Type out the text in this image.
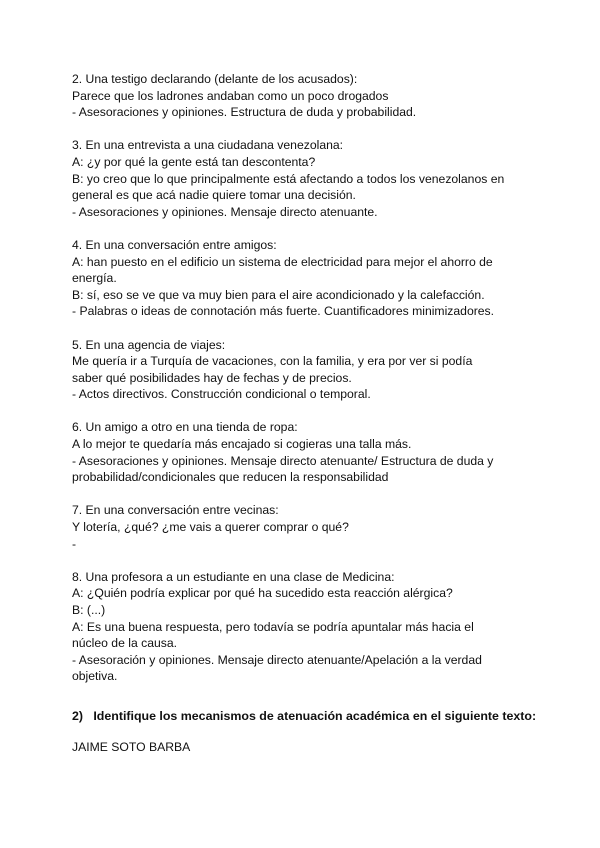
2. Una testigo declarando (delante de los acusados):
Parece que los ladrones andaban como un poco drogados
- Asesoraciones y opiniones. Estructura de duda y probabilidad.
3. En una entrevista a una ciudadana venezolana:
A: ¿y por qué la gente está tan descontenta?
B: yo creo que lo que principalmente está afectando a todos los venezolanos en
general es que acá nadie quiere tomar una decisión.
- Asesoraciones y opiniones. Mensaje directo atenuante.
4. En una conversación entre amigos:
A: han puesto en el edificio un sistema de electricidad para mejor el ahorro de
energía.
B: sí, eso se ve que va muy bien para el aire acondicionado y la calefacción.
- Palabras o ideas de connotación más fuerte. Cuantificadores minimizadores.
5. En una agencia de viajes:
Me quería ir a Turquía de vacaciones, con la familia, y era por ver si podía
saber qué posibilidades hay de fechas y de precios.
- Actos directivos. Construcción condicional o temporal.
6. Un amigo a otro en una tienda de ropa:
A lo mejor te quedaría más encajado si cogieras una talla más.
- Asesoraciones y opiniones. Mensaje directo atenuante/ Estructura de duda y
probabilidad/condicionales que reducen la responsabilidad
7. En una conversación entre vecinas:
Y lotería, ¿qué? ¿me vais a querer comprar o qué?
-
8. Una profesora a un estudiante en una clase de Medicina:
A: ¿Quién podría explicar por qué ha sucedido esta reacción alérgica?
B: (...)
A: Es una buena respuesta, pero todavía se podría apuntalar más hacia el
núcleo de la causa.
- Asesoración y opiniones. Mensaje directo atenuante/Apelación a la verdad
objetiva.
2)   Identifique los mecanismos de atenuación académica en el siguiente texto:
JAIME SOTO BARBA
